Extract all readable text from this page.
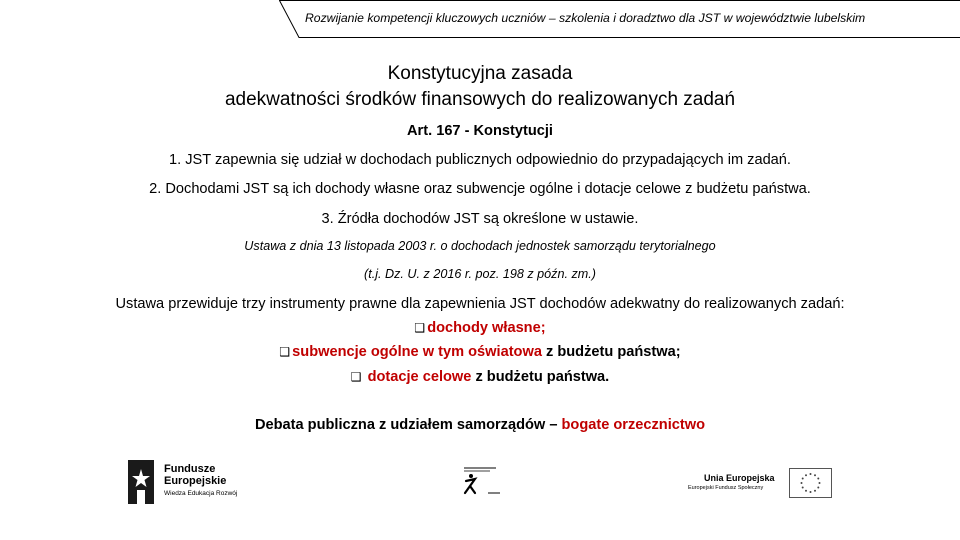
Rozwijanie kompetencji kluczowych uczniów – szkolenia i doradztwo dla JST w województwie lubelskim
Konstytucyjna zasada
adekwatności środków finansowych do realizowanych zadań
Art. 167 - Konstytucji
1. JST zapewnia się udział w dochodach publicznych odpowiednio do przypadających im zadań.
2. Dochodami JST są ich dochody własne oraz subwencje ogólne i dotacje celowe z budżetu państwa.
3. Źródła dochodów JST są określone w ustawie.
Ustawa z dnia 13 listopada 2003 r. o dochodach jednostek samorządu terytorialnego
(t.j. Dz. U. z 2016 r. poz. 198 z późn. zm.)
Ustawa przewiduje trzy instrumenty prawne dla zapewnienia JST dochodów adekwatny do realizowanych zadań:
❑ dochody własne;
❑ subwencje ogólne w tym oświatowa z budżetu państwa;
❑ dotacje celowe z budżetu państwa.
Debata publiczna z udziałem samorządów – bogate orzecznictwo
Fundusze
Europejskie
Wiedza Edukacja Rozwój
Unia Europejska
Europejski Fundusz Społeczny
